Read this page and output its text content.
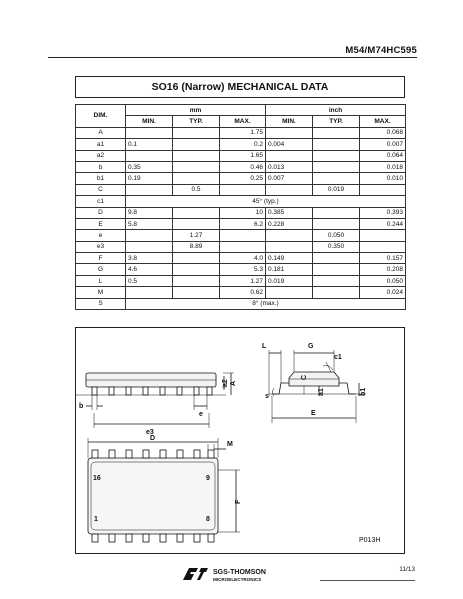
M54/M74HC595
SO16 (Narrow) MECHANICAL DATA
DIM.	mm			inch		
	MIN.	TYP.	MAX.	MIN.	TYP.	MAX.
A			1.75			0.068
a1	0.1		0.2	0.004		0.007
a2			1.65			0.064
b	0.35		0.46	0.013		0.018
b1	0.19		0.25	0.007		0.010
C		0.5			0.019	
c1	45° (typ.)					
D	9.8		10	0.385		0.393
E	5.8		6.2	0.228		0.244
e		1.27			0.050	
e3		8.89			0.350	
F	3.8		4.0	0.149		0.157
G	4.6		5.3	0.181		0.208
L	0.5		1.27	0.019		0.050
M			0.62			0.024
S	8° (max.)					
L	G
c1
A
a2
b
e
e3
s
a1	b1
C
E
D
M
F
16	9
1	8
P013H
SGS-THOMSON
MICROELECTRONICS
11/13
